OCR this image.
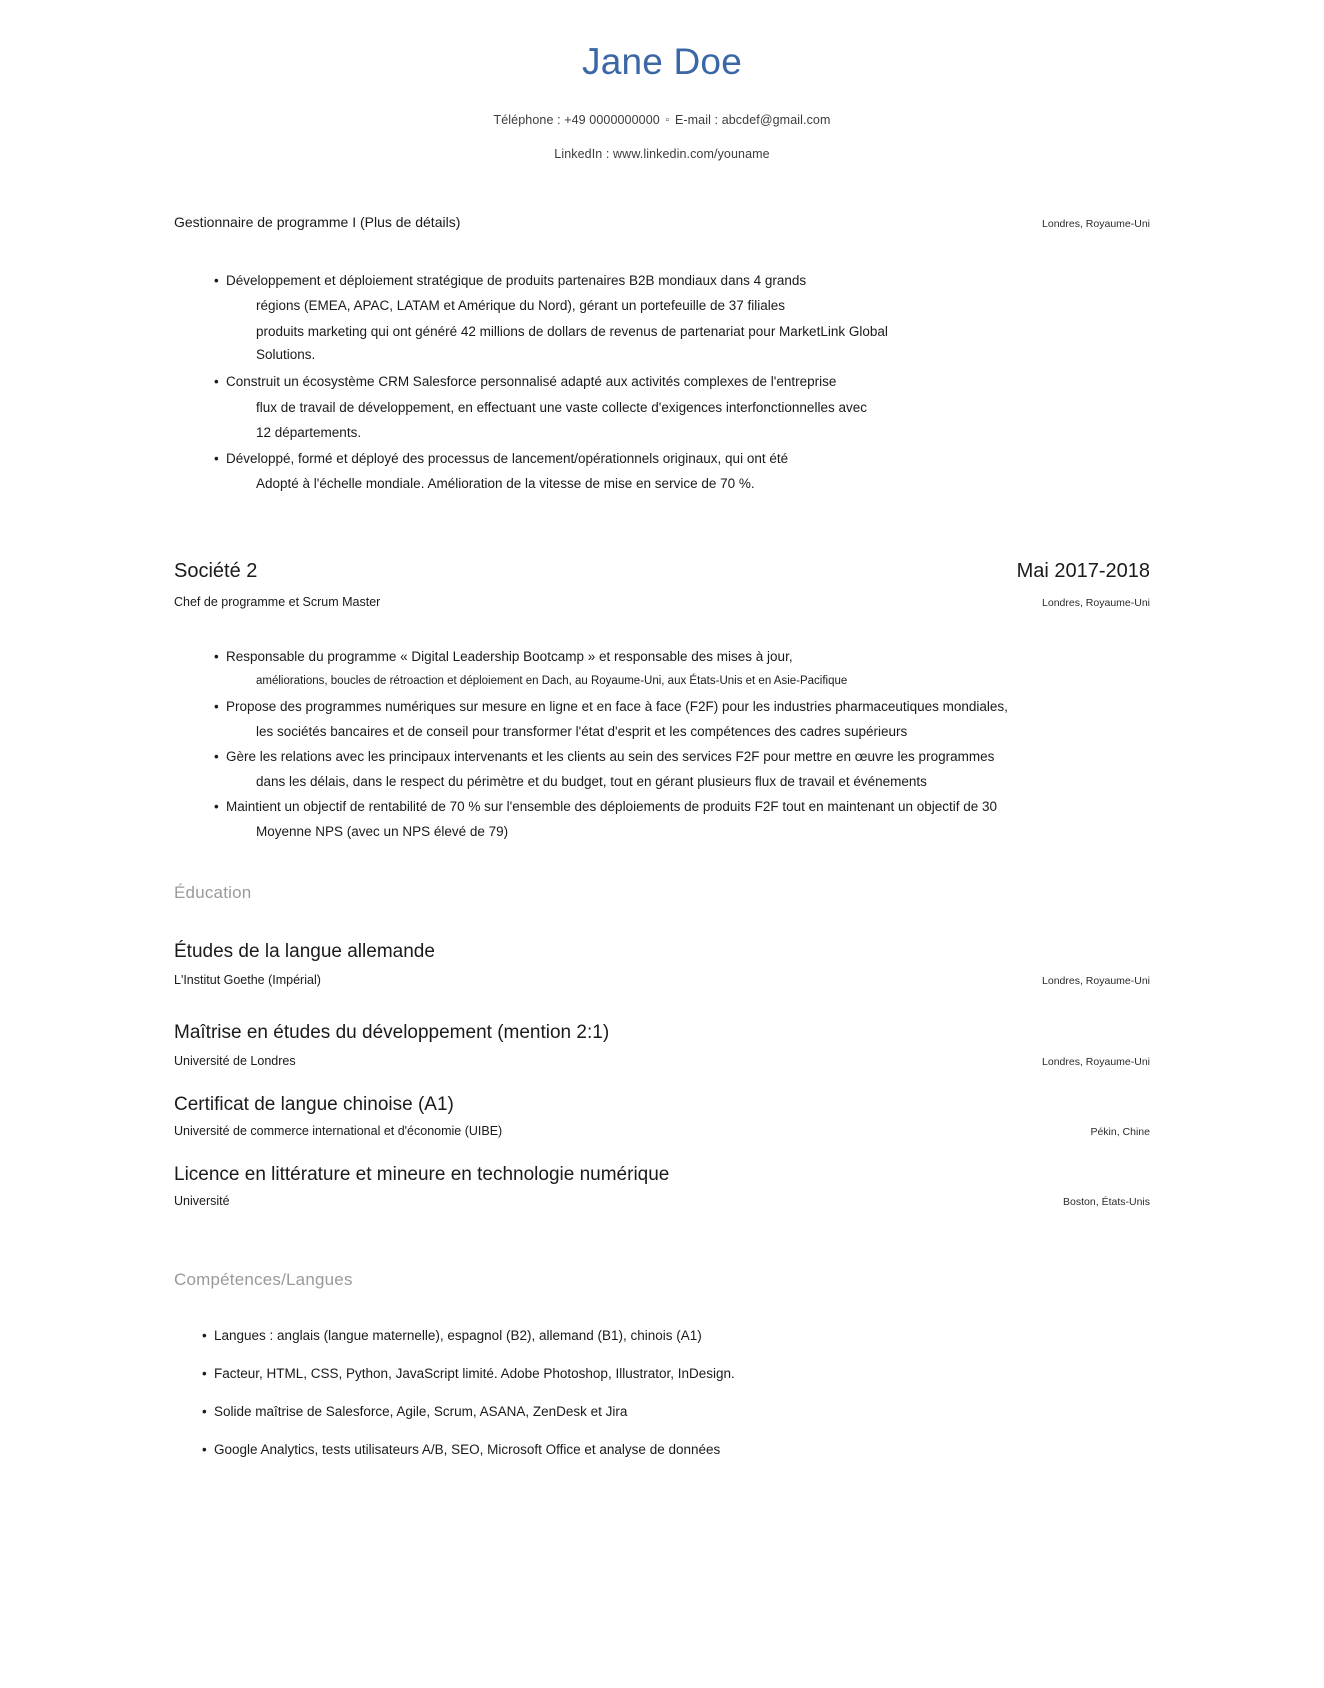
Jane Doe
Téléphone : +49 0000000000 ▫ E-mail : abcdef@gmail.com
LinkedIn : www.linkedin.com/youname
Gestionnaire de programme I (Plus de détails)	Londres, Royaume-Uni
• Développement et déploiement stratégique de produits partenaires B2B mondiaux dans 4 grands
régions (EMEA, APAC, LATAM et Amérique du Nord), gérant un portefeuille de 37 filiales
produits marketing qui ont généré 42 millions de dollars de revenus de partenariat pour MarketLink Global
Solutions.
• Construit un écosystème CRM Salesforce personnalisé adapté aux activités complexes de l'entreprise
flux de travail de développement, en effectuant une vaste collecte d'exigences interfonctionnelles avec
12 départements.
• Développé, formé et déployé des processus de lancement/opérationnels originaux, qui ont été
Adopté à l'échelle mondiale. Amélioration de la vitesse de mise en service de 70 %.
Société 2	Mai 2017-2018
Chef de programme et Scrum Master	Londres, Royaume-Uni
• Responsable du programme « Digital Leadership Bootcamp » et responsable des mises à jour,
améliorations, boucles de rétroaction et déploiement en Dach, au Royaume-Uni, aux États-Unis et en Asie-Pacifique
• Propose des programmes numériques sur mesure en ligne et en face à face (F2F) pour les industries pharmaceutiques mondiales,
les sociétés bancaires et de conseil pour transformer l'état d'esprit et les compétences des cadres supérieurs
• Gère les relations avec les principaux intervenants et les clients au sein des services F2F pour mettre en œuvre les programmes
dans les délais, dans le respect du périmètre et du budget, tout en gérant plusieurs flux de travail et événements
• Maintient un objectif de rentabilité de 70 % sur l'ensemble des déploiements de produits F2F tout en maintenant un objectif de 30
Moyenne NPS (avec un NPS élevé de 79)
Éducation
Études de la langue allemande
L'Institut Goethe (Impérial)	Londres, Royaume-Uni
Maîtrise en études du développement (mention 2:1)
Université de Londres	Londres, Royaume-Uni
Certificat de langue chinoise (A1)
Université de commerce international et d'économie (UIBE)	Pékin, Chine
Licence en littérature et mineure en technologie numérique
Université	Boston, États-Unis
Compétences/Langues
• Langues : anglais (langue maternelle), espagnol (B2), allemand (B1), chinois (A1)
• Facteur, HTML, CSS, Python, JavaScript limité. Adobe Photoshop, Illustrator, InDesign.
• Solide maîtrise de Salesforce, Agile, Scrum, ASANA, ZenDesk et Jira
• Google Analytics, tests utilisateurs A/B, SEO, Microsoft Office et analyse de données
